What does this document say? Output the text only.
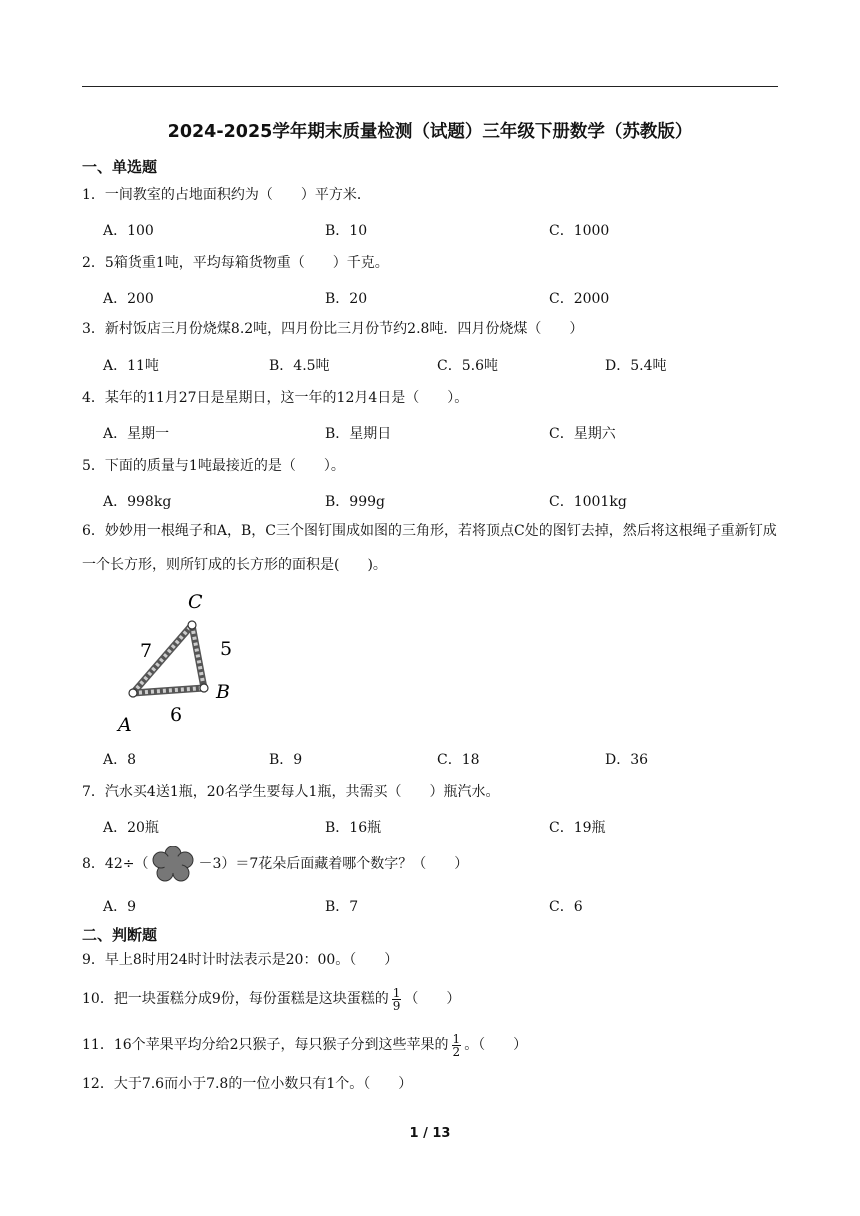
2024-2025学年期末质量检测（试题）三年级下册数学（苏教版）
一、单选题
1．一间教室的占地面积约为（　　）平方米．
A．100	B．10	C．1000
2．5箱货重1吨，平均每箱货物重（　　）千克。
A．200	B．20	C．2000
3．新村饭店三月份烧煤8.2吨，四月份比三月份节约2.8吨．四月份烧煤（　　）
A．11吨	B．4.5吨	C．5.6吨	D．5.4吨
4．某年的11月27日是星期日，这一年的12月4日是（　　）。
A．星期一	B．星期日	C．星期六
5．下面的质量与1吨最接近的是（　　）。
A．998kg	B．999g	C．1001kg
6．妙妙用一根绳子和A，B，C三个图钉围成如图的三角形，若将顶点C处的图钉去掉，然后将这根绳子重新钉成一个长方形，则所钉成的长方形的面积是(　　)。
C
B
A
7	5
6
A．8	B．9	C．18	D．36
7．汽水买4送1瓶，20名学生要每人1瓶，共需买（　　）瓶汽水。
A．20瓶	B．16瓶	C．19瓶
8．42÷（	－3）＝7花朵后面藏着哪个数字？（　　）
A．9	B．7	C．6
二、判断题
9．早上8时用24时计时法表示是20：00。（　　）
10．把一块蛋糕分成9份，每份蛋糕是这块蛋糕的 $\frac{1}{9}$ （　　）
11．16个苹果平均分给2只猴子，每只猴子分到这些苹果的 $\frac{1}{2}$ 。（　　）
12．大于7.6而小于7.8的一位小数只有1个。（　　）
1 / 13
